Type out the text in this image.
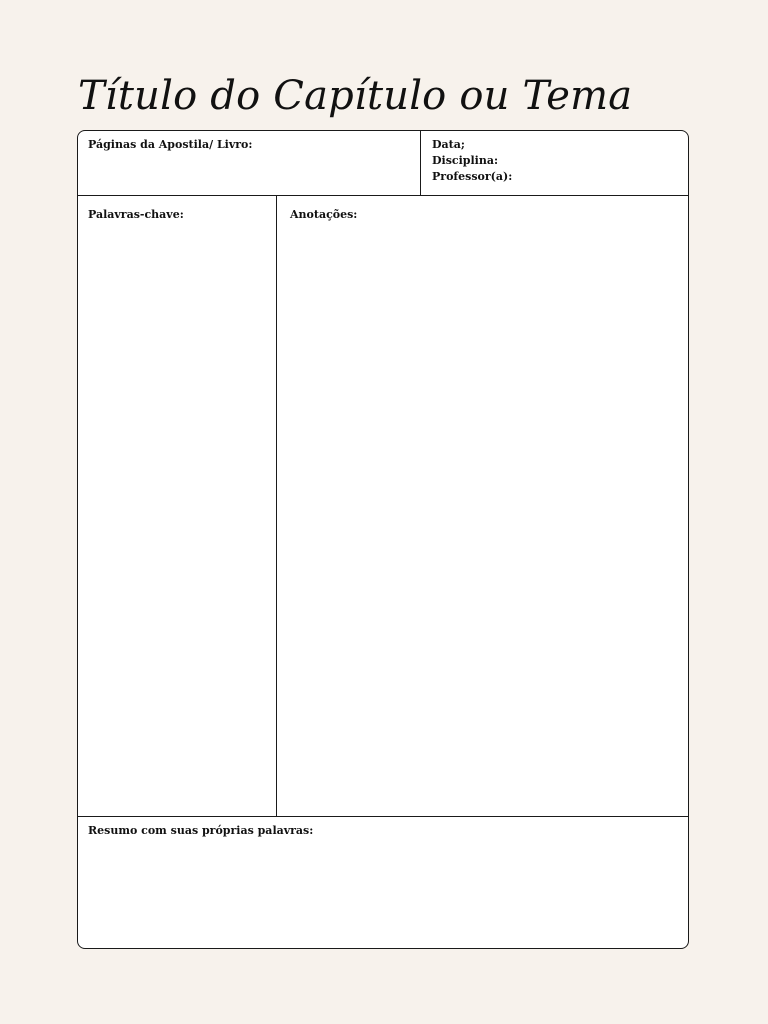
Título do Capítulo ou Tema
Páginas da Apostila/ Livro:	Data;
Disciplina:
Professor(a):
Palavras-chave:	Anotações:
Resumo com suas próprias palavras:
